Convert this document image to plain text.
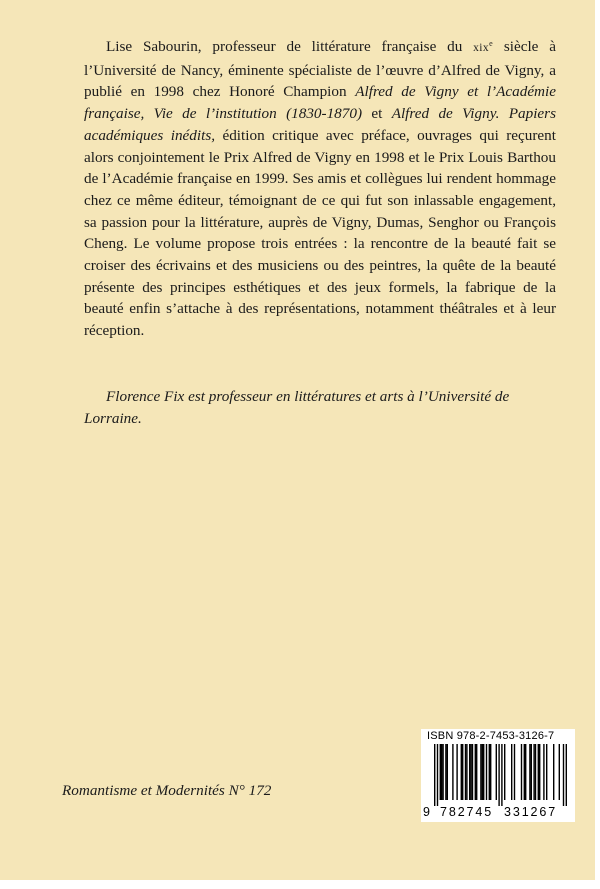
Lise Sabourin, professeur de littérature française du xix$^e$ siècle à l’Université de Nancy, éminente spécialiste de l’œuvre d’Alfred de Vigny, a publié en 1998 chez Honoré Champion Alfred de Vigny et l’Académie française, Vie de l’institution (1830-1870) et Alfred de Vigny. Papiers académiques inédits, édition critique avec préface, ouvrages qui reçurent alors conjointement le Prix Alfred de Vigny en 1998 et le Prix Louis Barthou de l’Académie française en 1999. Ses amis et collègues lui rendent hommage chez ce même éditeur, témoignant de ce qui fut son inlassable engagement, sa passion pour la littérature, auprès de Vigny, Dumas, Senghor ou François Cheng. Le volume propose trois entrées : la rencontre de la beauté fait se croiser des écrivains et des musiciens ou des peintres, la quête de la beauté présente des principes esthétiques et des jeux formels, la fabrique de la beauté enfin s’attache à des représentations, notamment théâtrales et à leur réception.

Florence Fix est professeur en littératures et arts à l’Université de Lorraine.

Romantisme et Modernités N° 172

ISBN 978-2-7453-3126-7
9 782745 331267
